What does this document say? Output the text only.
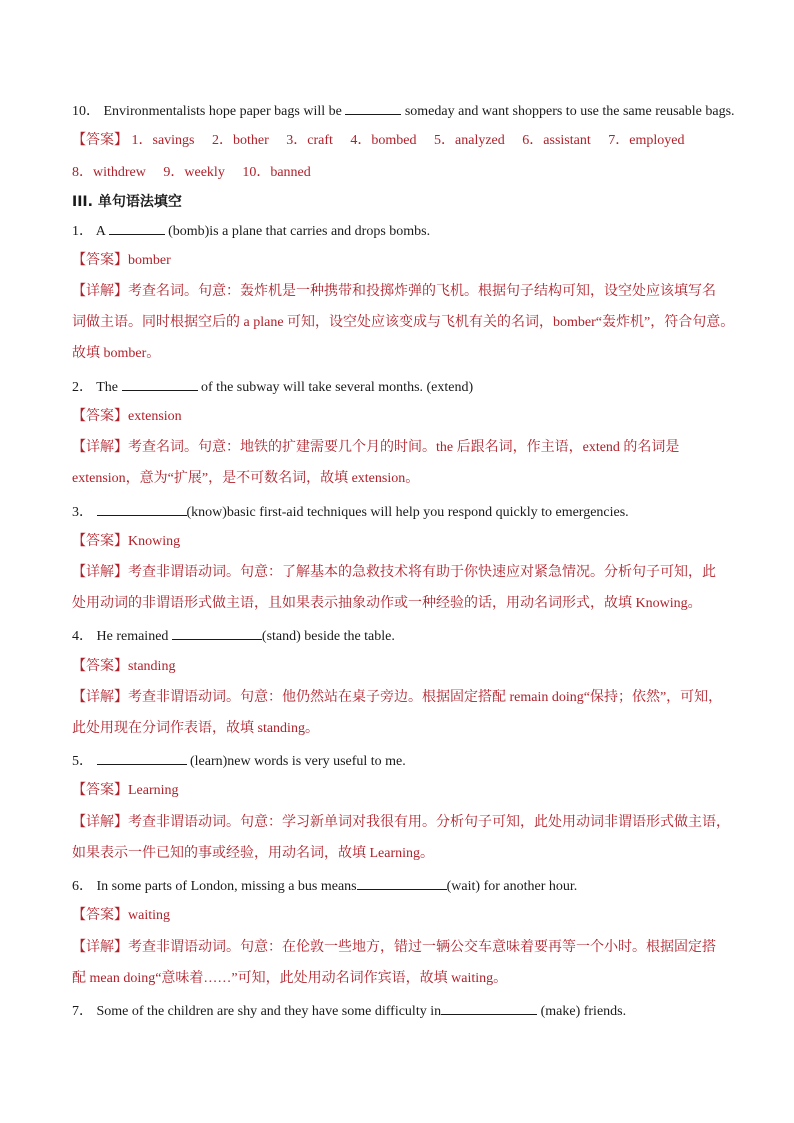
10． Environmentalists hope paper bags will be	someday and want shoppers to use the same reusable bags.
【答案】 1．savings 2．bother 3．craft 4．bombed 5．analyzed 6．assistant 7．employed
8．withdrew 9．weekly 10．banned
III. 单句语法填空
1． A	(bomb)is a plane that carries and drops bombs.
【答案】bomber
【详解】考查名词。句意：轰炸机是一种携带和投掷炸弹的飞机。根据句子结构可知，设空处应该填写名
词做主语。同时根据空后的 a plane 可知，设空处应该变成与飞机有关的名词，bomber“轰炸机”，符合句意。
故填 bomber。
2． The	of the subway will take several months. (extend)
【答案】extension
【详解】考查名词。句意：地铁的扩建需要几个月的时间。the 后跟名词，作主语，extend 的名词是
extension，意为“扩展”，是不可数名词，故填 extension。
3．	(know)basic first-aid techniques will help you respond quickly to emergencies.
【答案】Knowing
【详解】考查非谓语动词。句意：了解基本的急救技术将有助于你快速应对紧急情况。分析句子可知，此
处用动词的非谓语形式做主语，且如果表示抽象动作或一种经验的话，用动名词形式，故填 Knowing。
4． He remained	(stand) beside the table.
【答案】standing
【详解】考查非谓语动词。句意：他仍然站在桌子旁边。根据固定搭配 remain doing“保持；依然”，可知，
此处用现在分词作表语，故填 standing。
5．	(learn)new words is very useful to me.
【答案】Learning
【详解】考查非谓语动词。句意：学习新单词对我很有用。分析句子可知，此处用动词非谓语形式做主语，
如果表示一件已知的事或经验，用动名词，故填 Learning。
6． In some parts of London, missing a bus means	(wait) for another hour.
【答案】waiting
【详解】考查非谓语动词。句意：在伦敦一些地方，错过一辆公交车意味着要再等一个小时。根据固定搭
配 mean doing“意味着……”可知，此处用动名词作宾语，故填 waiting。
7． Some of the children are shy and they have some difficulty in	(make) friends.
